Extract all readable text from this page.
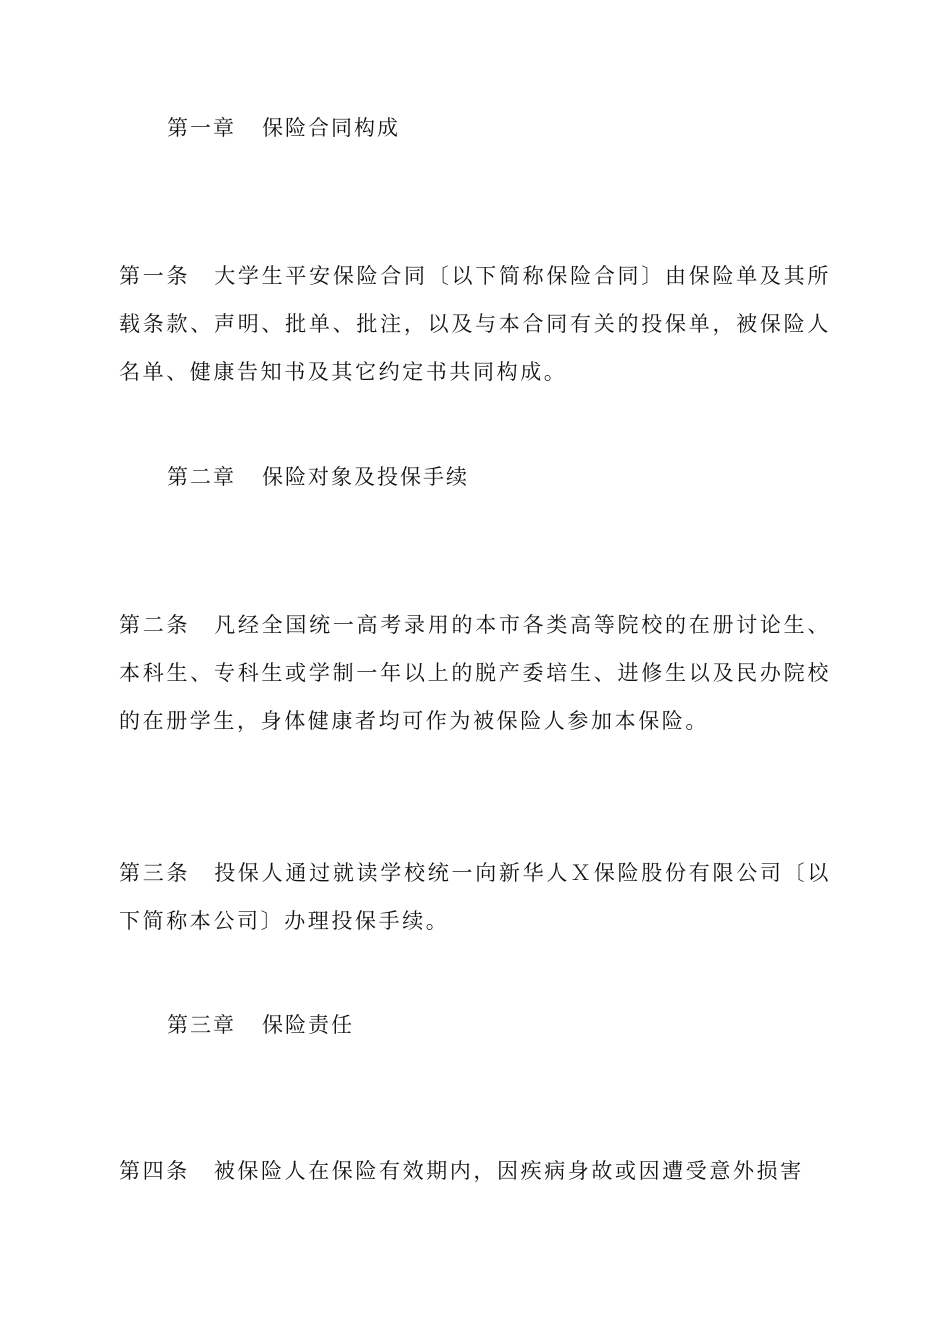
第一章 保险合同构成
第一条 大学生平安保险合同〔以下简称保险合同〕由保险单及其所载条款、声明、批单、批注，以及与本合同有关的投保单，被保险人名单、健康告知书及其它约定书共同构成。
第二章 保险对象及投保手续
第二条 凡经全国统一高考录用的本市各类高等院校的在册讨论生、本科生、专科生或学制一年以上的脱产委培生、进修生以及民办院校的在册学生，身体健康者均可作为被保险人参加本保险。
第三条 投保人通过就读学校统一向新华人Ｘ保险股份有限公司〔以下简称本公司〕办理投保手续。
第三章 保险责任
第四条 被保险人在保险有效期内，因疾病身故或因遭受意外损害
